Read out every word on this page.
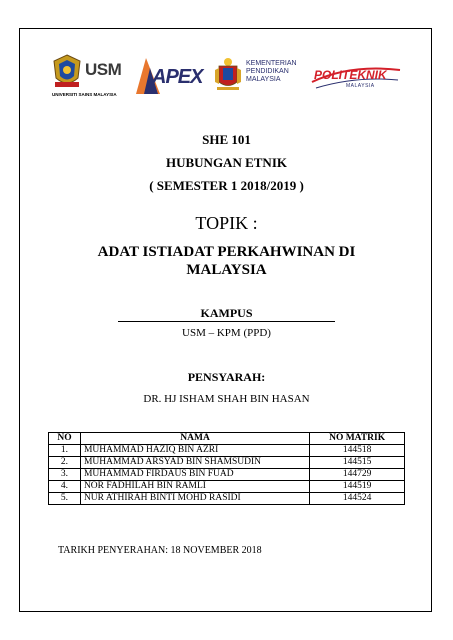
USM
UNIVERSITI SAINS MALAYSIA
APEX
KEMENTERIAN
PENDIDIKAN
MALAYSIA	POLITEKNIK
MALAYSIA
SHE 101
HUBUNGAN ETNIK
( SEMESTER 1 2018/2019 )
TOPIK :
ADAT ISTIADAT PERKAHWINAN DI
MALAYSIA
KAMPUS
USM – KPM (PPD)
PENSYARAH:
DR. HJ ISHAM SHAH BIN HASAN
NO	NAMA	NO MATRIK
1.	MUHAMMAD HAZIQ BIN AZRI	144518
2.	MUHAMMAD ARSYAD BIN SHAMSUDIN	144515
3.	MUHAMMAD FIRDAUS BIN FUAD	144729
4.	NOR FADHILAH BIN RAMLI	144519
5.	NUR ATHIRAH BINTI MOHD RASIDI	144524
TARIKH PENYERAHAN: 18 NOVEMBER 2018
